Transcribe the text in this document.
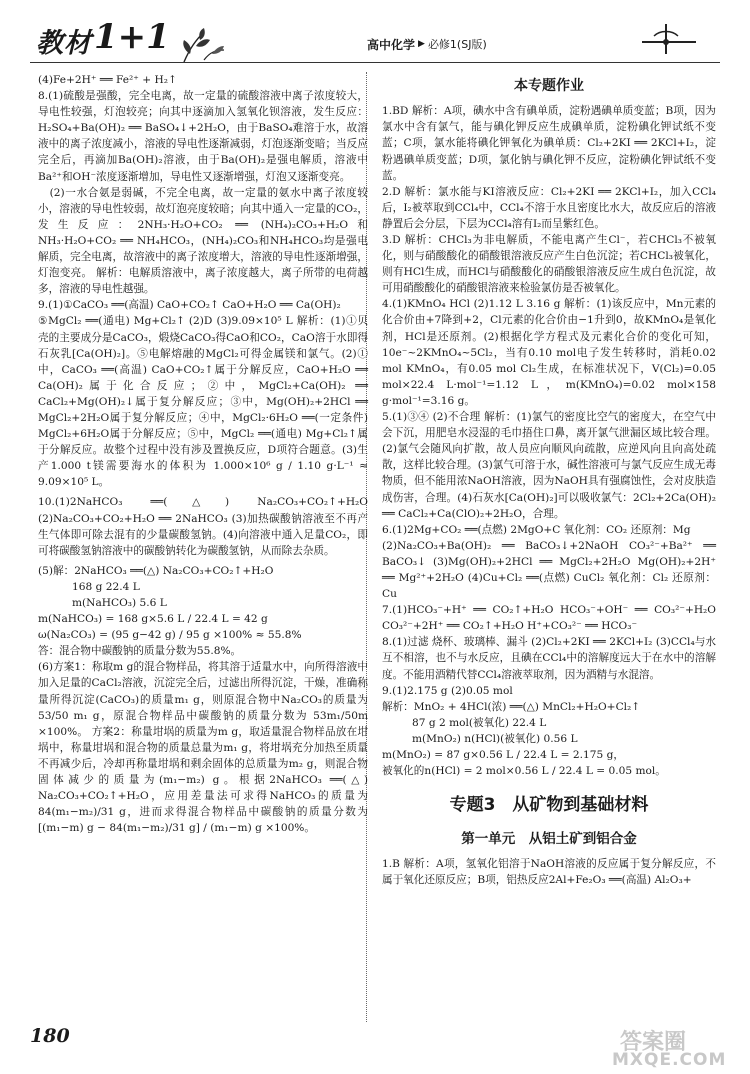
教材 1+1	高中化学 ▶ 必修1(SJ版)

(4)Fe+2H⁺ ══ Fe²⁺ + H₂↑

8.(1)硫酸是强酸，完全电离，故一定量的硫酸溶液中离子浓度较大，导电性较强，灯泡较亮；向其中逐滴加入氢氧化钡溶液，发生反应：H₂SO₄+Ba(OH)₂ ══ BaSO₄↓+2H₂O，由于BaSO₄难溶于水，故溶液中的离子浓度减小，溶液的导电性逐渐减弱，灯泡逐渐变暗；当反应完全后，再滴加Ba(OH)₂溶液，由于Ba(OH)₂是强电解质，溶液中Ba²⁺和OH⁻浓度逐渐增加，导电性又逐渐增强，灯泡又逐渐变亮。

(2)一水合氨是弱碱，不完全电离，故一定量的氨水中离子浓度较小，溶液的导电性较弱，故灯泡亮度较暗；向其中通入一定量的CO₂，发生反应：2NH₃·H₂O+CO₂ ══ (NH₄)₂CO₃+H₂O和NH₃·H₂O+CO₂ ══ NH₄HCO₃，(NH₄)₂CO₃和NH₄HCO₃均是强电解质，完全电离，故溶液中的离子浓度增大，溶液的导电性逐渐增强，灯泡变亮。 解析：电解质溶液中，离子浓度越大，离子所带的电荷越多，溶液的导电性越强。

9.(1)①CaCO₃ ══(高温) CaO+CO₂↑ CaO+H₂O ══ Ca(OH)₂

⑤MgCl₂ ══(通电) Mg+Cl₂↑ (2)D (3)9.09×10⁵ L 解析：(1)①贝壳的主要成分是CaCO₃，煅烧CaCO₃得CaO和CO₂，CaO溶于水即得石灰乳[Ca(OH)₂]。⑤电解熔融的MgCl₂可得金属镁和氯气。(2)①中，CaCO₃ ══(高温) CaO+CO₂↑属于分解反应，CaO+H₂O ══ Ca(OH)₂属于化合反应；②中，MgCl₂+Ca(OH)₂ ══ CaCl₂+Mg(OH)₂↓属于复分解反应；③中，Mg(OH)₂+2HCl ══ MgCl₂+2H₂O属于复分解反应；④中，MgCl₂·6H₂O ══(一定条件) MgCl₂+6H₂O属于分解反应；⑤中，MgCl₂ ══(通电) Mg+Cl₂↑属于分解反应。故整个过程中没有涉及置换反应，D项符合题意。(3)生产1.000 t镁需要海水的体积为 1.000×10⁶ g / 1.10 g·L⁻¹ ≈ 9.09×10⁵ L。

10.(1)2NaHCO₃ ══(△) Na₂CO₃+CO₂↑+H₂O (2)Na₂CO₃+CO₂+H₂O ══ 2NaHCO₃ (3)加热碳酸钠溶液至不再产生气体即可除去混有的少量碳酸氢钠。(4)向溶液中通入足量CO₂，即可将碳酸氢钠溶液中的碳酸钠转化为碳酸氢钠，从而除去杂质。

(5)解：2NaHCO₃ ══(△) Na₂CO₃+CO₂↑+H₂O

168 g 22.4 L

m(NaHCO₃) 5.6 L

m(NaHCO₃) = 168 g×5.6 L / 22.4 L = 42 g

ω(Na₂CO₃) = (95 g−42 g) / 95 g ×100% ≈ 55.8%

答：混合物中碳酸钠的质量分数为55.8%。

(6)方案1：称取m g的混合物样品，将其溶于适量水中，向所得溶液中加入足量的CaCl₂溶液，沉淀完全后，过滤出所得沉淀，干燥，准确称量所得沉淀(CaCO₃)的质量m₁ g，则原混合物中Na₂CO₃的质量为 53/50 m₁ g，原混合物样品中碳酸钠的质量分数为 53m₁/50m ×100%。 方案2：称量坩埚的质量为m g，取适量混合物样品放在坩埚中，称量坩埚和混合物的质量总量为m₁ g，将坩埚充分加热至质量不再减少后，冷却再称量坩埚和剩余固体的总质量为m₂ g，则混合物固体减少的质量为(m₁−m₂) g。根据2NaHCO₃ ══(△) Na₂CO₃+CO₂↑+H₂O，应用差量法可求得NaHCO₃的质量为 84(m₁−m₂)/31 g，进而求得混合物样品中碳酸钠的质量分数为 [(m₁−m) g − 84(m₁−m₂)/31 g] / (m₁−m) g ×100%。

本专题作业

1.BD 解析：A项，碘水中含有碘单质，淀粉遇碘单质变蓝；B项，因为氯水中含有氯气，能与碘化钾反应生成碘单质，淀粉碘化钾试纸不变蓝；C项，氯水能将碘化钾氧化为碘单质：Cl₂+2KI ══ 2KCl+I₂，淀粉遇碘单质变蓝；D项，氯化钠与碘化钾不反应，淀粉碘化钾试纸不变蓝。

2.D 解析：氯水能与KI溶液反应：Cl₂+2KI ══ 2KCl+I₂，加入CCl₄后，I₂被萃取到CCl₄中，CCl₄不溶于水且密度比水大，故反应后的溶液静置后会分层，下层为CCl₄溶有I₂而呈紫红色。

3.D 解析：CHCl₃为非电解质，不能电离产生Cl⁻，若CHCl₃不被氧化，则与硝酸酸化的硝酸银溶液反应产生白色沉淀；若CHCl₃被氧化，则有HCl生成，而HCl与硝酸酸化的硝酸银溶液反应生成白色沉淀，故可用硝酸酸化的硝酸银溶液来检验氯仿是否被氧化。

4.(1)KMnO₄ HCl (2)1.12 L 3.16 g 解析：(1)该反应中，Mn元素的化合价由+7降到+2，Cl元素的化合价由−1升到0，故KMnO₄是氧化剂，HCl是还原剂。(2)根据化学方程式及元素化合价的变化可知，10e⁻~2KMnO₄~5Cl₂，当有0.10 mol电子发生转移时，消耗0.02 mol KMnO₄，有0.05 mol Cl₂生成，在标准状况下，V(Cl₂)=0.05 mol×22.4 L·mol⁻¹=1.12 L，m(KMnO₄)=0.02 mol×158 g·mol⁻¹=3.16 g。

5.(1)③④ (2)不合理 解析：(1)氯气的密度比空气的密度大，在空气中会下沉，用肥皂水浸湿的毛巾捂住口鼻，离开氯气泄漏区域比较合理。(2)氯气会随风向扩散，故人员应向顺风向疏散，应逆风向且向高处疏散，这样比较合理。(3)氯气可溶于水，碱性溶液可与氯气反应生成无毒物质，但不能用浓NaOH溶液，因为NaOH具有强腐蚀性，会对皮肤造成伤害，合理。(4)石灰水[Ca(OH)₂]可以吸收氯气：2Cl₂+2Ca(OH)₂ ══ CaCl₂+Ca(ClO)₂+2H₂O，合理。

6.(1)2Mg+CO₂ ══(点燃) 2MgO+C 氧化剂：CO₂ 还原剂：Mg

(2)Na₂CO₃+Ba(OH)₂ ══ BaCO₃↓+2NaOH CO₃²⁻+Ba²⁺ ══ BaCO₃↓ (3)Mg(OH)₂+2HCl ══ MgCl₂+2H₂O Mg(OH)₂+2H⁺ ══ Mg²⁺+2H₂O (4)Cu+Cl₂ ══(点燃) CuCl₂ 氧化剂：Cl₂ 还原剂：Cu

7.(1)HCO₃⁻+H⁺ ══ CO₂↑+H₂O HCO₃⁻+OH⁻ ══ CO₃²⁻+H₂O CO₃²⁻+2H⁺ ══ CO₂↑+H₂O H⁺+CO₃²⁻ ══ HCO₃⁻

8.(1)过滤 烧杯、玻璃棒、漏斗 (2)Cl₂+2KI ══ 2KCl+I₂ (3)CCl₄与水互不相溶，也不与水反应，且碘在CCl₄中的溶解度远大于在水中的溶解度。不能用酒精代替CCl₄溶液萃取剂，因为酒精与水混溶。

9.(1)2.175 g (2)0.05 mol

解析：MnO₂ + 4HCl(浓) ══(△) MnCl₂+H₂O+Cl₂↑

87 g 2 mol(被氧化) 22.4 L

m(MnO₂) n(HCl)(被氧化) 0.56 L

m(MnO₂) = 87 g×0.56 L / 22.4 L = 2.175 g，

被氧化的n(HCl) = 2 mol×0.56 L / 22.4 L = 0.05 mol。

专题3　从矿物到基础材料
第一单元　从铝土矿到铝合金

1.B 解析：A项，氢氧化铝溶于NaOH溶液的反应属于复分解反应，不属于氧化还原反应；B项，铝热反应2Al+Fe₂O₃ ══(高温) Al₂O₃+

180	答案圈
MXQE.COM
